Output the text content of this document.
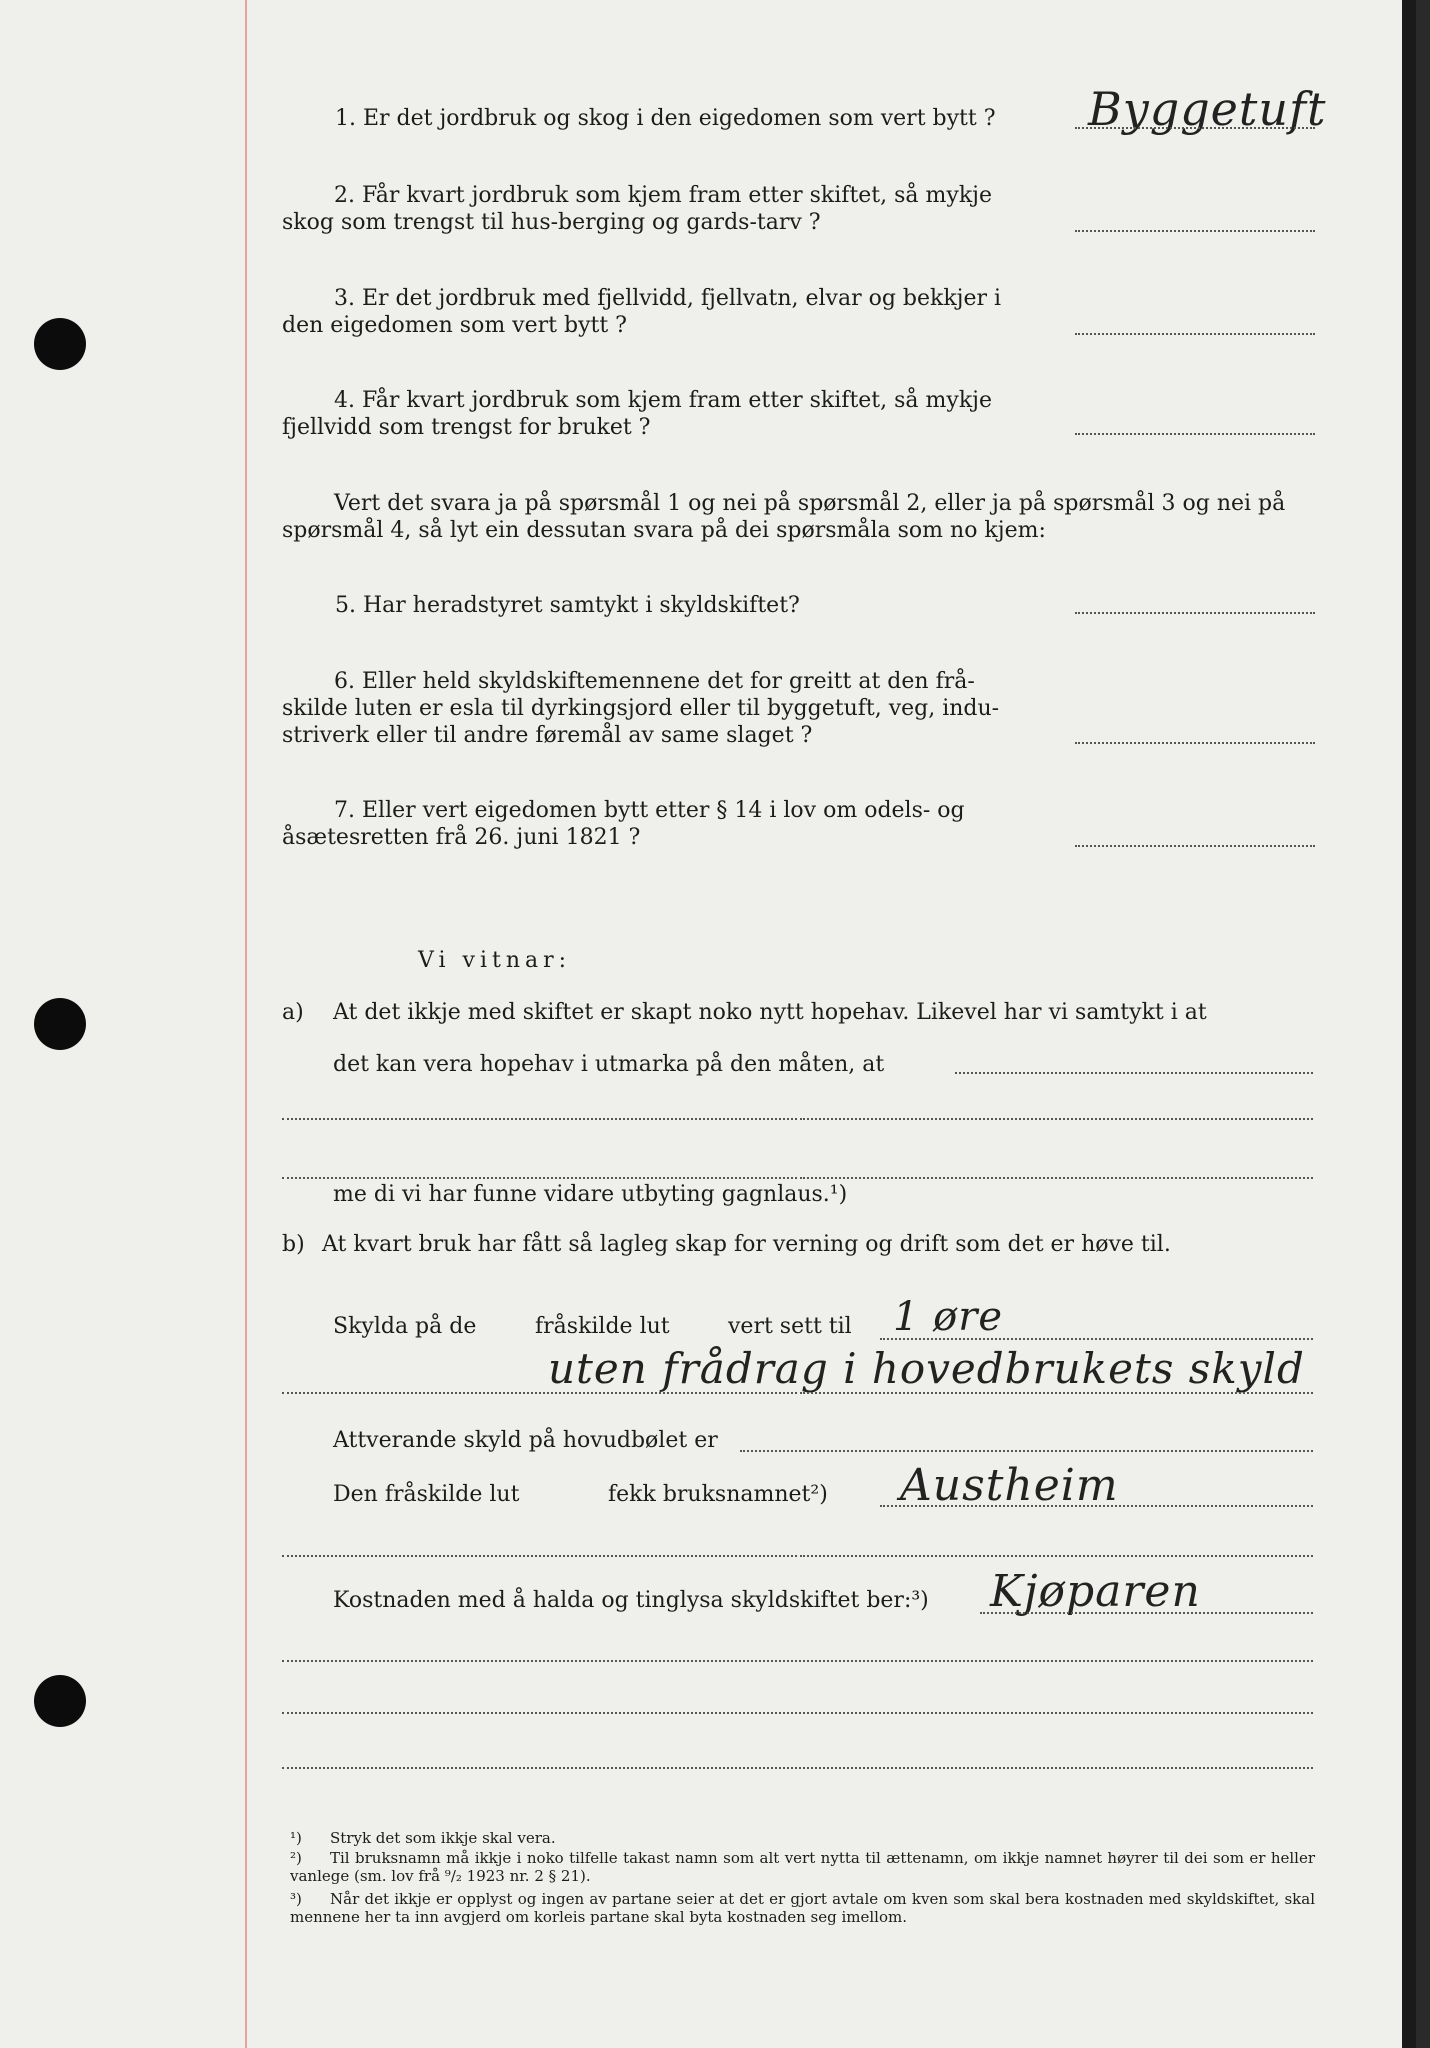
1. Er det jordbruk og skog i den eigedomen som vert bytt ?	Byggetuft
2. Får kvart jordbruk som kjem fram etter skiftet, så mykje
skog som trengst til hus-berging og gards-tarv ?
3. Er det jordbruk med fjellvidd, fjellvatn, elvar og bekkjer i
den eigedomen som vert bytt ?
4. Får kvart jordbruk som kjem fram etter skiftet, så mykje
fjellvidd som trengst for bruket ?
Vert det svara ja på spørsmål 1 og nei på spørsmål 2, eller ja på spørsmål 3 og nei på
spørsmål 4, så lyt ein dessutan svara på dei spørsmåla som no kjem:
5. Har heradstyret samtykt i skyldskiftet?
6. Eller held skyldskiftemennene det for greitt at den frå-
skilde luten er esla til dyrkingsjord eller til byggetuft, veg, indu-
striverk eller til andre føremål av same slaget ?
7. Eller vert eigedomen bytt etter § 14 i lov om odels- og
åsætesretten frå 26. juni 1821 ?
Vi vitnar:
a) At det ikkje med skiftet er skapt noko nytt hopehav. Likevel har vi samtykt i at
det kan vera hopehav i utmarka på den måten, at
me di vi har funne vidare utbyting gagnlaus.¹)
b) At kvart bruk har fått så lagleg skap for verning og drift som det er høve til.
Skylda på de	fråskilde lut	vert sett til 1 øre
uten frådrag i hovedbrukets skyld
Attverande skyld på hovudbølet er
Den fråskilde lut	fekk bruksnamnet²) Austheim
Kostnaden med å halda og tinglysa skyldskiftet ber:³) Kjøparen
¹) Stryk det som ikkje skal vera.
²) Til bruksnamn må ikkje i noko tilfelle takast namn som alt vert nytta til ættenamn, om ikkje namnet høyrer til dei som er heller vanlege (sm. lov frå ⁹/₂ 1923 nr. 2 § 21).
³) Når det ikkje er opplyst og ingen av partane seier at det er gjort avtale om kven som skal bera kostnaden med skyldskiftet, skal mennene her ta inn avgjerd om korleis partane skal byta kostnaden seg imellom.
